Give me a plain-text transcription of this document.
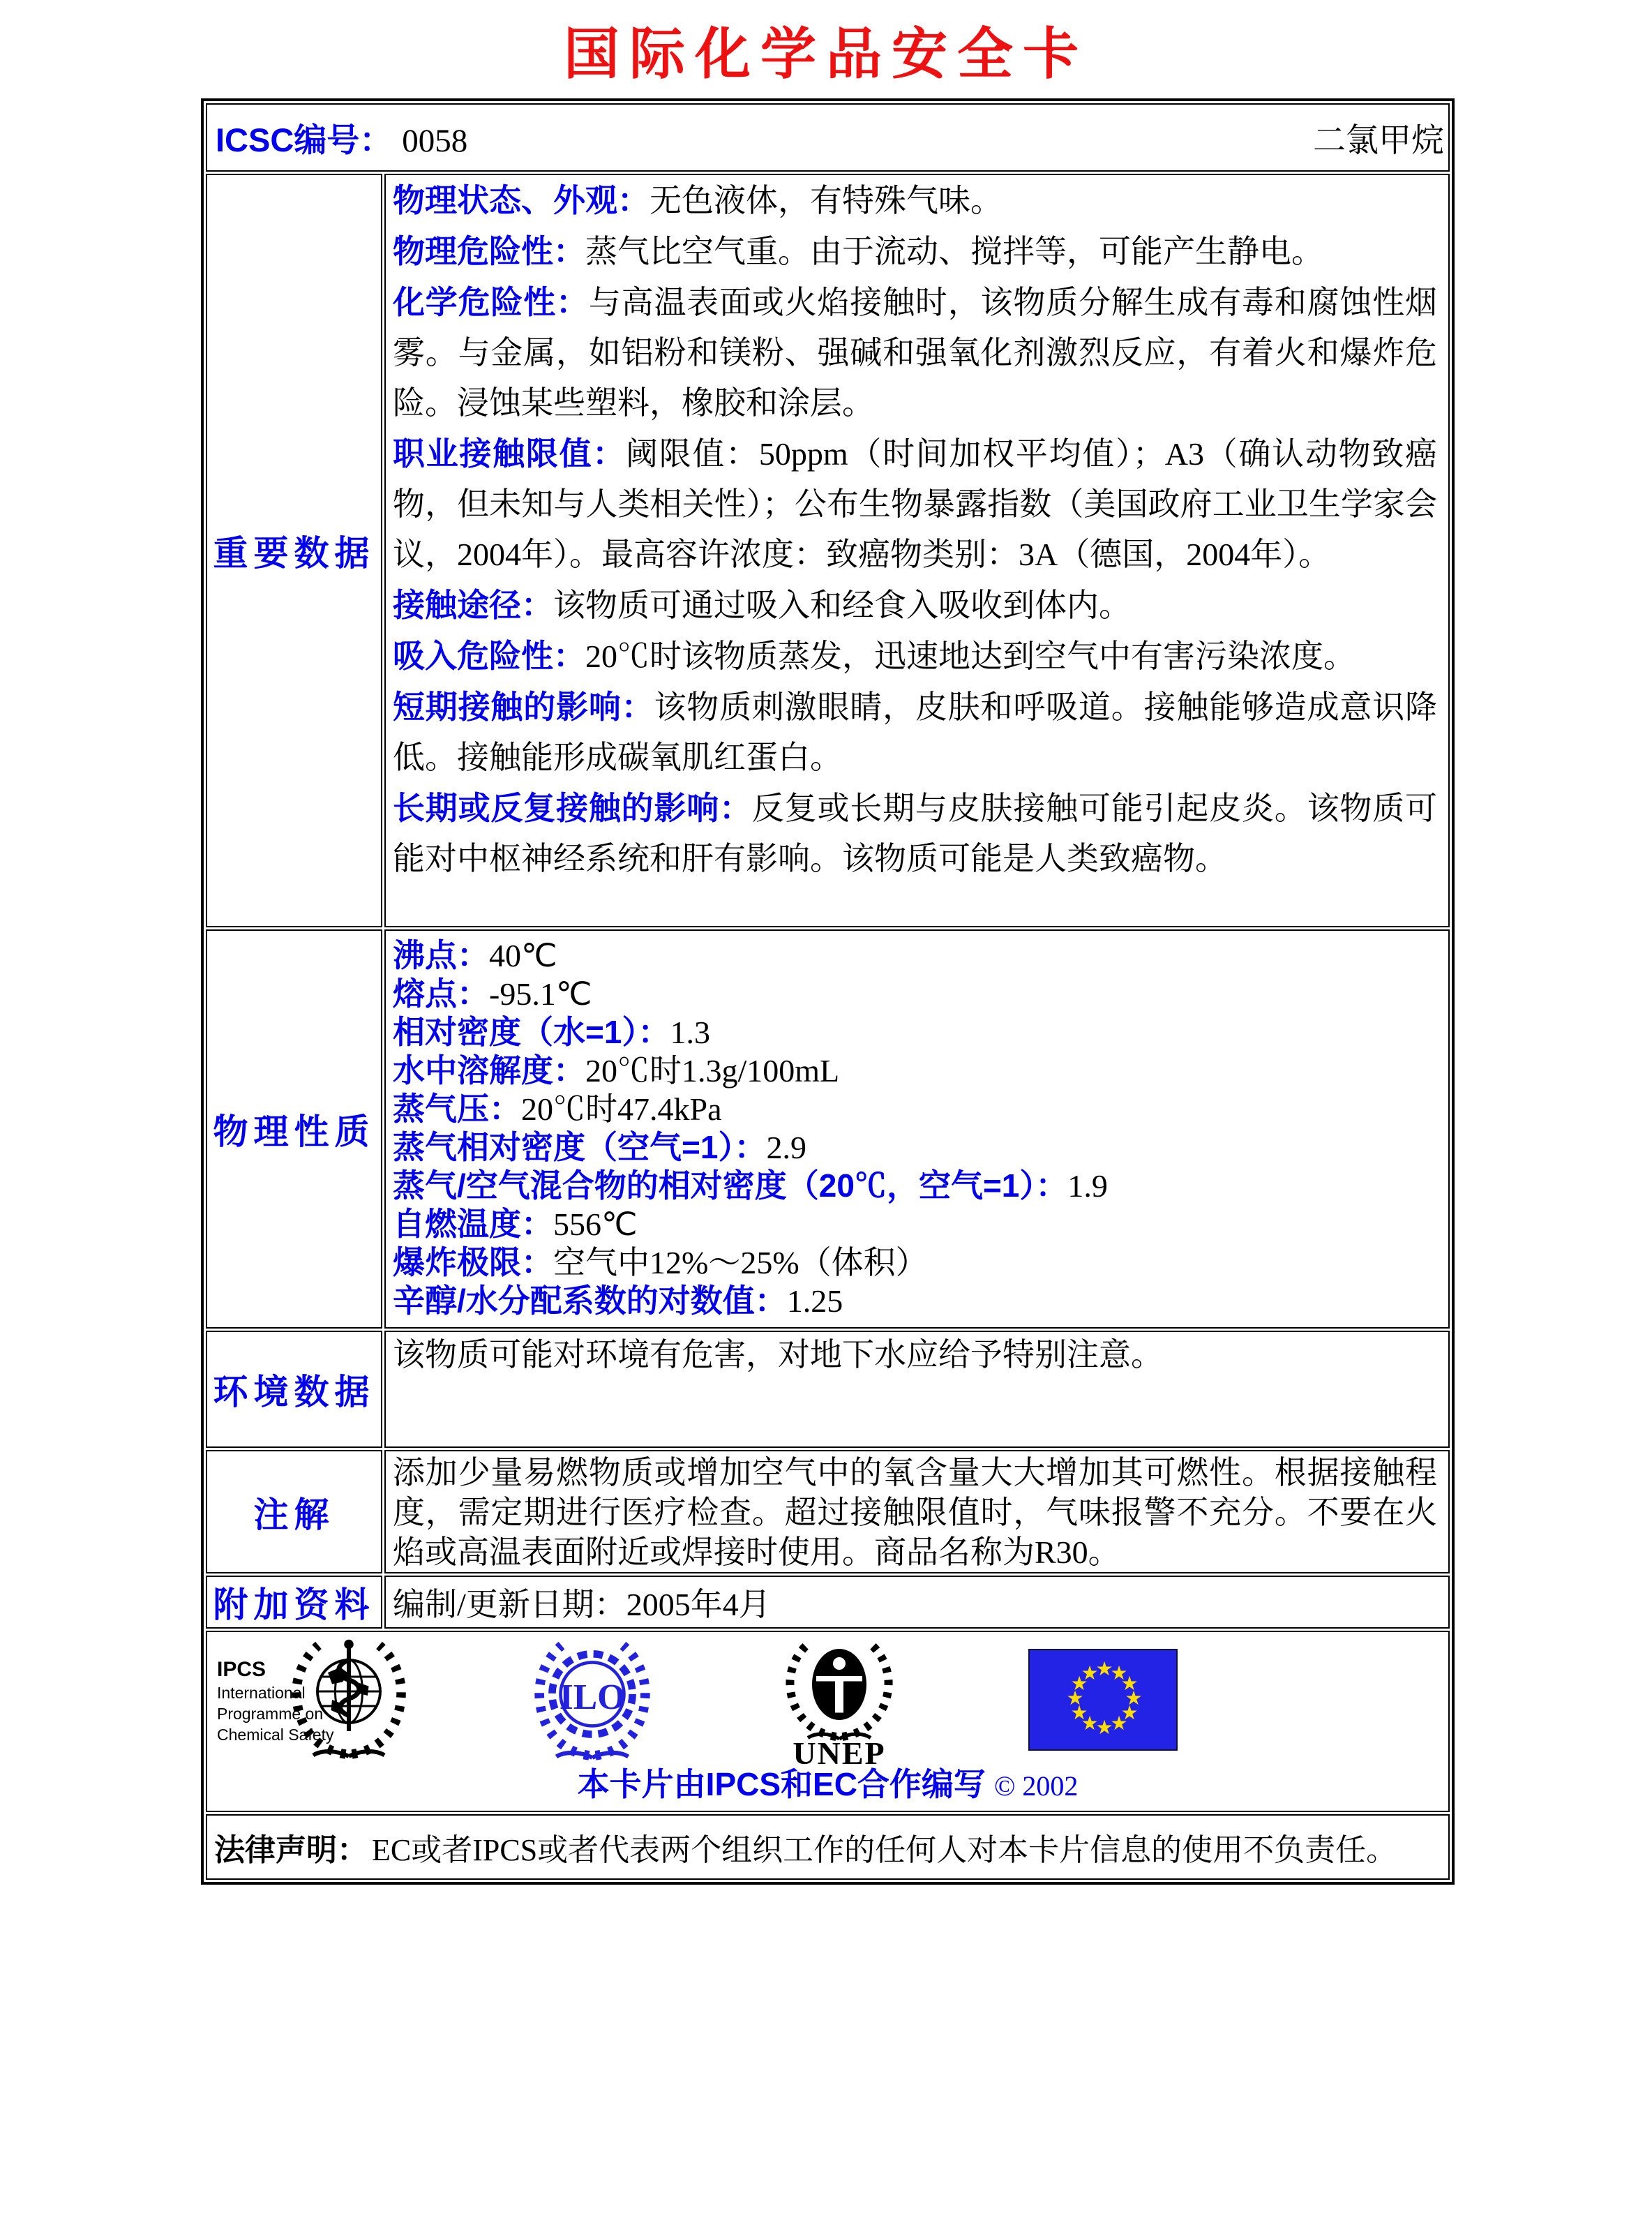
国际化学品安全卡
ICSC编号： 0058	二氯甲烷
重要数据

物理状态、外观：无色液体，有特殊气味。

物理危险性：蒸气比空气重。由于流动、搅拌等，可能产生静电。

化学危险性：与高温表面或火焰接触时，该物质分解生成有毒和腐蚀性烟雾。与金属，如铝粉和镁粉、强碱和强氧化剂激烈反应，有着火和爆炸危险。浸蚀某些塑料，橡胶和涂层。

职业接触限值：阈限值：50ppm（时间加权平均值）；A3（确认动物致癌物，但未知与人类相关性）；公布生物暴露指数（美国政府工业卫生学家会议，2004年）。最高容许浓度：致癌物类别：3A（德国，2004年）。

接触途径：该物质可通过吸入和经食入吸收到体内。

吸入危险性：20℃时该物质蒸发，迅速地达到空气中有害污染浓度。

短期接触的影响：该物质刺激眼睛，皮肤和呼吸道。接触能够造成意识降低。接触能形成碳氧肌红蛋白。

长期或反复接触的影响：反复或长期与皮肤接触可能引起皮炎。该物质可能对中枢神经系统和肝有影响。该物质可能是人类致癌物。

物理性质

沸点：40℃

熔点：-95.1℃

相对密度（水=1）：1.3

水中溶解度：20℃时1.3g/100mL

蒸气压：20℃时47.4kPa

蒸气相对密度（空气=1）：2.9

蒸气/空气混合物的相对密度（20℃，空气=1）：1.9

自燃温度：556℃

爆炸极限：空气中12%～25%（体积）

辛醇/水分配系数的对数值：1.25

环境数据
该物质可能对环境有危害，对地下水应给予特别注意。
注解
添加少量易燃物质或增加空气中的氧含量大大增加其可燃性。根据接触程度，需定期进行医疗检查。超过接触限值时，气味报警不充分。不要在火焰或高温表面附近或焊接时使用。商品名称为R30。
附加资料 编制/更新日期：2005年4月
IPCS
International
Programme on
Chemical Safety
ILO
UNEP
★
★
★
★
★
★
★
★
★
★
★
★
本卡片由IPCS和EC合作编写 © 2002
法律声明： EC或者IPCS或者代表两个组织工作的任何人对本卡片信息的使用不负责任。
